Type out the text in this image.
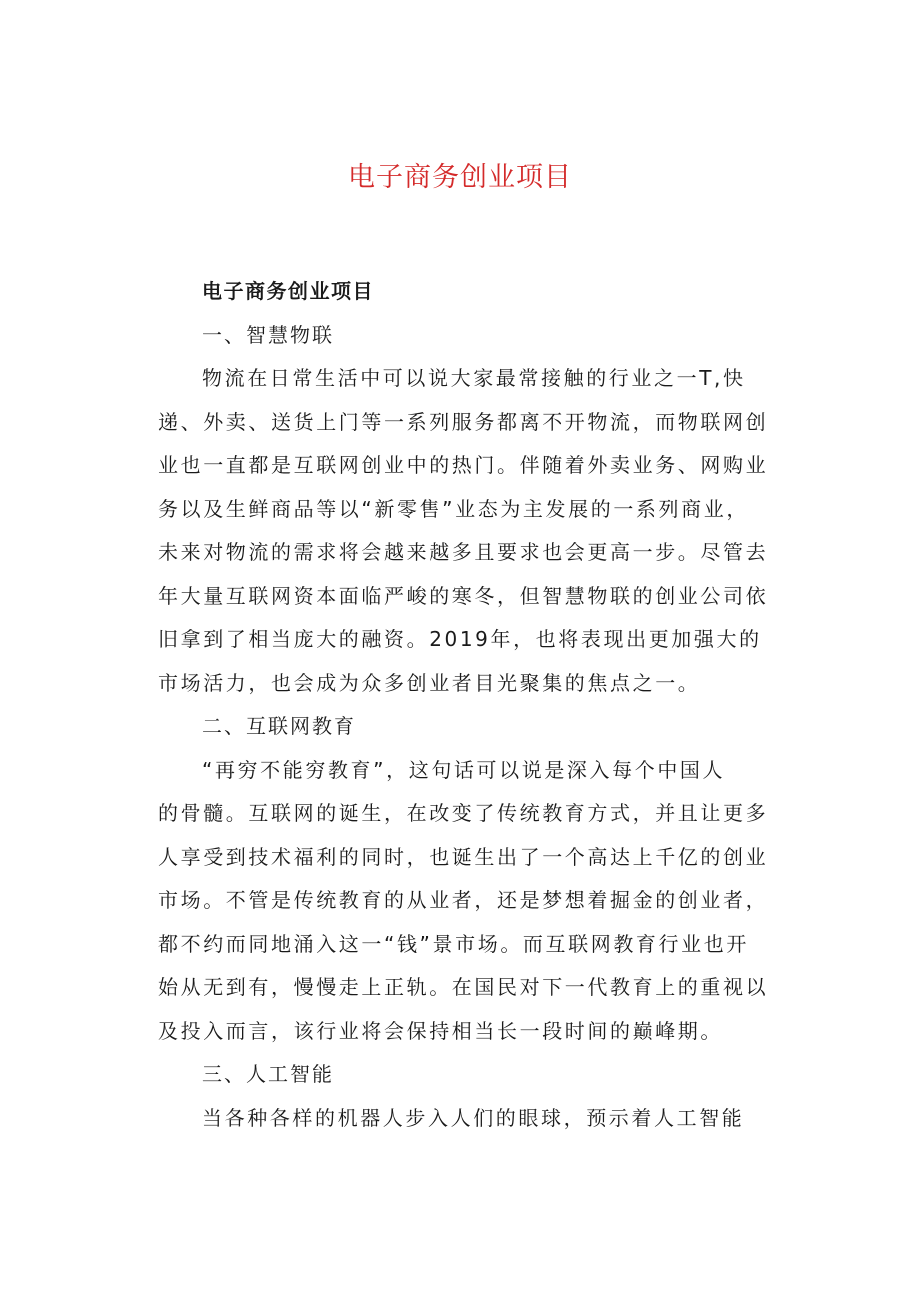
电子商务创业项目
电子商务创业项目
一、智慧物联
物流在日常生活中可以说大家最常接触的行业之一T,快
递、外卖、送货上门等一系列服务都离不开物流，而物联网创
业也一直都是互联网创业中的热门。伴随着外卖业务、网购业
务以及生鲜商品等以“新零售”业态为主发展的一系列商业，
未来对物流的需求将会越来越多且要求也会更高一步。尽管去
年大量互联网资本面临严峻的寒冬，但智慧物联的创业公司依
旧拿到了相当庞大的融资。2019年，也将表现出更加强大的
市场活力，也会成为众多创业者目光聚集的焦点之一。
二、互联网教育
“再穷不能穷教育”，这句话可以说是深入每个中国人
的骨髓。互联网的诞生，在改变了传统教育方式，并且让更多
人享受到技术福利的同时，也诞生出了一个高达上千亿的创业
市场。不管是传统教育的从业者，还是梦想着掘金的创业者，
都不约而同地涌入这一“钱”景市场。而互联网教育行业也开
始从无到有，慢慢走上正轨。在国民对下一代教育上的重视以
及投入而言，该行业将会保持相当长一段时间的巅峰期。
三、人工智能
当各种各样的机器人步入人们的眼球，预示着人工智能
